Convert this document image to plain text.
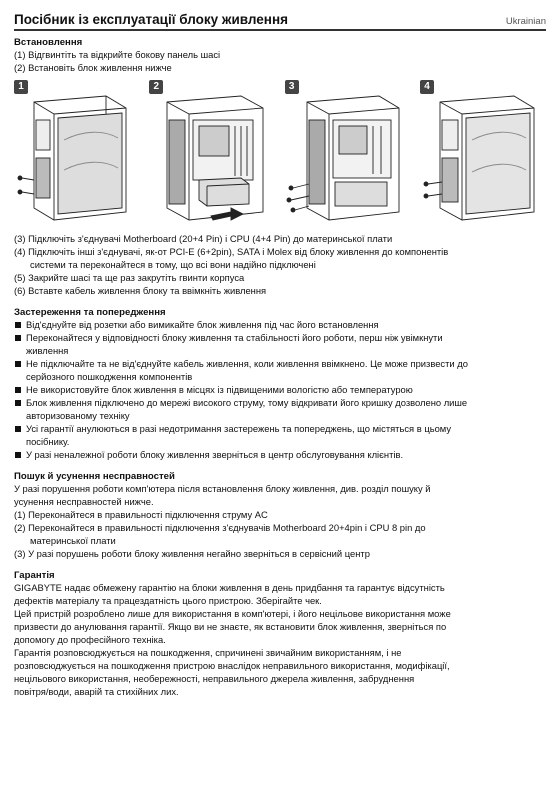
Посібник із експлуатації блоку живлення	Ukrainian
Встановлення
(1) Відгвинтіть та відкрийте бокову панель шасі
(2) Встановіть блок живлення нижче
1	2	3	4
(3) Підключіть з'єднувачі Motherboard (20+4 Pin) і CPU (4+4 Pin) до материнської плати
(4) Підключіть інші з'єднувачі, як-от PCI-E (6+2pin), SATA і Molex від блоку живлення до компонентів
системи та переконайтеся в тому, що всі вони надійно підключені
(5) Закрийте шасі та ще раз закрутіть гвинти корпуса
(6) Вставте кабель живлення блоку та ввімкніть живлення
Застереження та попередження
Від'єднуйте від розетки або вимикайте блок живлення під час його встановлення
Переконайтеся у відповідності блоку живлення та стабільності його роботи, перш ніж увімкнути
живлення
Не підключайте та не від'єднуйте кабель живлення, коли живлення ввімкнено. Це може призвести до
серйозного пошкодження компонентів
Не використовуйте блок живлення в місцях із підвищеними вологістю або температурою
Блок живлення підключено до мережі високого струму, тому відкривати його кришку дозволено лише
авторизованому техніку
Усі гарантії анулюються в разі недотримання застережень та попереджень, що містяться в цьому
посібнику.
У разі неналежної роботи блоку живлення зверніться в центр обслуговування клієнтів.
Пошук й усунення несправностей
У разі порушення роботи комп'ютера після встановлення блоку живлення, див. розділ пошуку й
усунення несправностей нижче.
(1) Переконайтеся в правильності підключення струму AC
(2) Переконайтеся в правильності підключення з'єднувачів Motherboard 20+4pin і CPU 8 pin до
материнської плати
(3) У разі порушень роботи блоку живлення негайно зверніться в сервісний центр
Гарантія
GIGABYTE надає обмежену гарантію на блоки живлення в день придбання та гарантує відсутність
дефектів матеріалу та працездатність цього пристрою. Зберігайте чек.
Цей пристрій розроблено лише для використання в комп'ютері, і його нецільове використання може
призвести до анулювання гарантії. Якщо ви не знаєте, як встановити блок живлення, зверніться по
допомогу до професійного техніка.
Гарантія розповсюджується на пошкодження, спричинені звичайним використанням, і не
розповсюджується на пошкодження пристрою внаслідок неправильного використання, модифікації,
нецільового використання, необережності, неправильного джерела живлення, забруднення
повітря/води, аварій та стихійних лих.
